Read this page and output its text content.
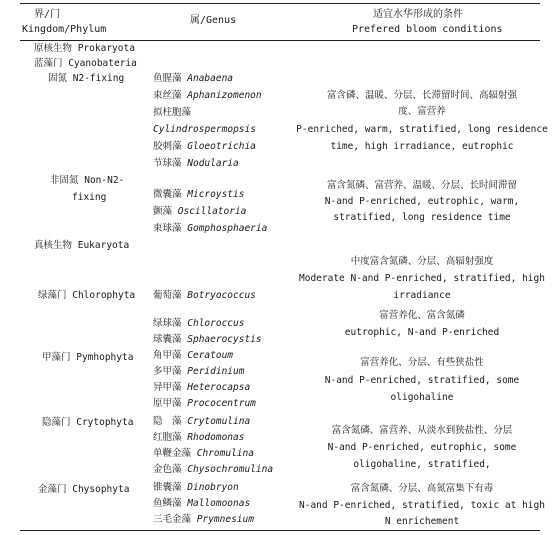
界/门
Kingdom/Phylum
属/Genus
适宜水华形成的条件
Prefered bloom conditions
原核生物 Prokaryota
蓝藻门 Cyanobateria
固氮 N2-fixing
非固氮 Non-N2-
fixing
真核生物 Eukaryota
绿藻门 Chlorophyta
甲藻门 Pymhophyta
隐藻门 Crytophyta
金藻门 Chysophyta
鱼腥藻 Anabaena
束丝藻 Aphanizomenon
拟柱胞藻
Cylindrospermopsis
胶刺藻 Gloeotrichia
节球藻 Nodularia
微囊藻 Microystis
颤藻 Oscillatoria
束球藻 Gomphosphaeria
葡萄藻 Botryococcus
绿球藻 Chloroccus
球囊藻 Sphaerocystis
角甲藻 Ceratoum
多甲藻 Peridinium
异甲藻 Heterocapsa
原甲藻 Prococentrum
隐　藻 Crytomulina
红胞藻 Rhodomonas
单鞭金藻 Chromulina
金色藻 Chysochromulina
锥囊藻 Dinobryon
鱼鳞藻 Mallomoonas
三毛金藻 Prymnesium
富含磷、温暖、分层、长滞留时间、高辐射强
度、富营养
P-enriched, warm, stratified, long residence
time, high irradiance, eutrophic
富含氮磷、富营养、温暖、分层、长时间滞留
N-and P-enriched, eutrophic, warm,
stratified, long residence time
中度富含氮磷、分层、高辐射强度
Moderate N-and P-enriched, stratified, high
irradiance
富营养化、富含氮磷
eutrophic, N-and P-enriched
富营养化、分层、有些狭盐性
N-and P-enriched, stratified, some
oligohaline
富含氮磷、富营养、从淡水到狭盐性、分层
N-and P-enriched, eutrophic, some
oligohaline, stratified,
富含氮磷、分层、高氮富集下有毒
N-and P-enriched, stratified, toxic at high
N enrichement
